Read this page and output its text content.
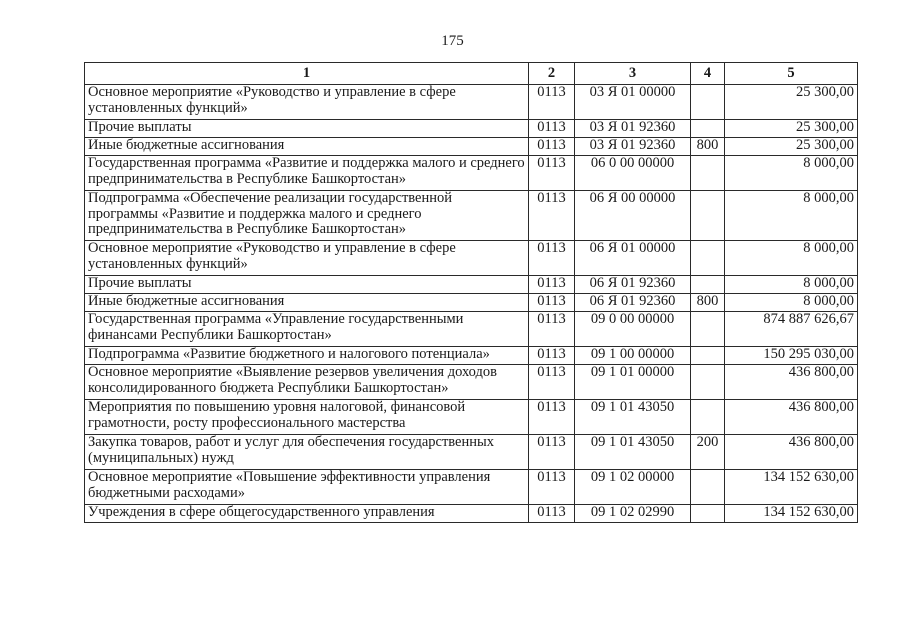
175
1	2	3	4	5
Основное мероприятие «Руководство и управление в сфере установленных функций»	0113	03 Я 01 00000		25 300,00
Прочие выплаты	0113	03 Я 01 92360		25 300,00
Иные бюджетные ассигнования	0113	03 Я 01 92360	800	25 300,00
Государственная программа «Развитие и поддержка малого и среднего предпринимательства в Республике Башкортостан»	0113	06 0 00 00000		8 000,00
Подпрограмма «Обеспечение реализации государственной программы «Развитие и поддержка малого и среднего предпринимательства в Республике Башкортостан»	0113	06 Я 00 00000		8 000,00
Основное мероприятие «Руководство и управление в сфере установленных функций»	0113	06 Я 01 00000		8 000,00
Прочие выплаты	0113	06 Я 01 92360		8 000,00
Иные бюджетные ассигнования	0113	06 Я 01 92360	800	8 000,00
Государственная программа «Управление государственными финансами Республики Башкортостан»	0113	09 0 00 00000		874 887 626,67
Подпрограмма «Развитие бюджетного и налогового потенциала»	0113	09 1 00 00000		150 295 030,00
Основное мероприятие «Выявление резервов увеличения доходов консолидированного бюджета Республики Башкортостан»	0113	09 1 01 00000		436 800,00
Мероприятия по повышению уровня налоговой, финансовой грамотности, росту профессионального мастерства	0113	09 1 01 43050		436 800,00
Закупка товаров, работ и услуг для обеспечения государственных (муниципальных) нужд	0113	09 1 01 43050	200	436 800,00
Основное мероприятие «Повышение эффективности управления бюджетными расходами»	0113	09 1 02 00000		134 152 630,00
Учреждения в сфере общегосударственного управления	0113	09 1 02 02990		134 152 630,00
